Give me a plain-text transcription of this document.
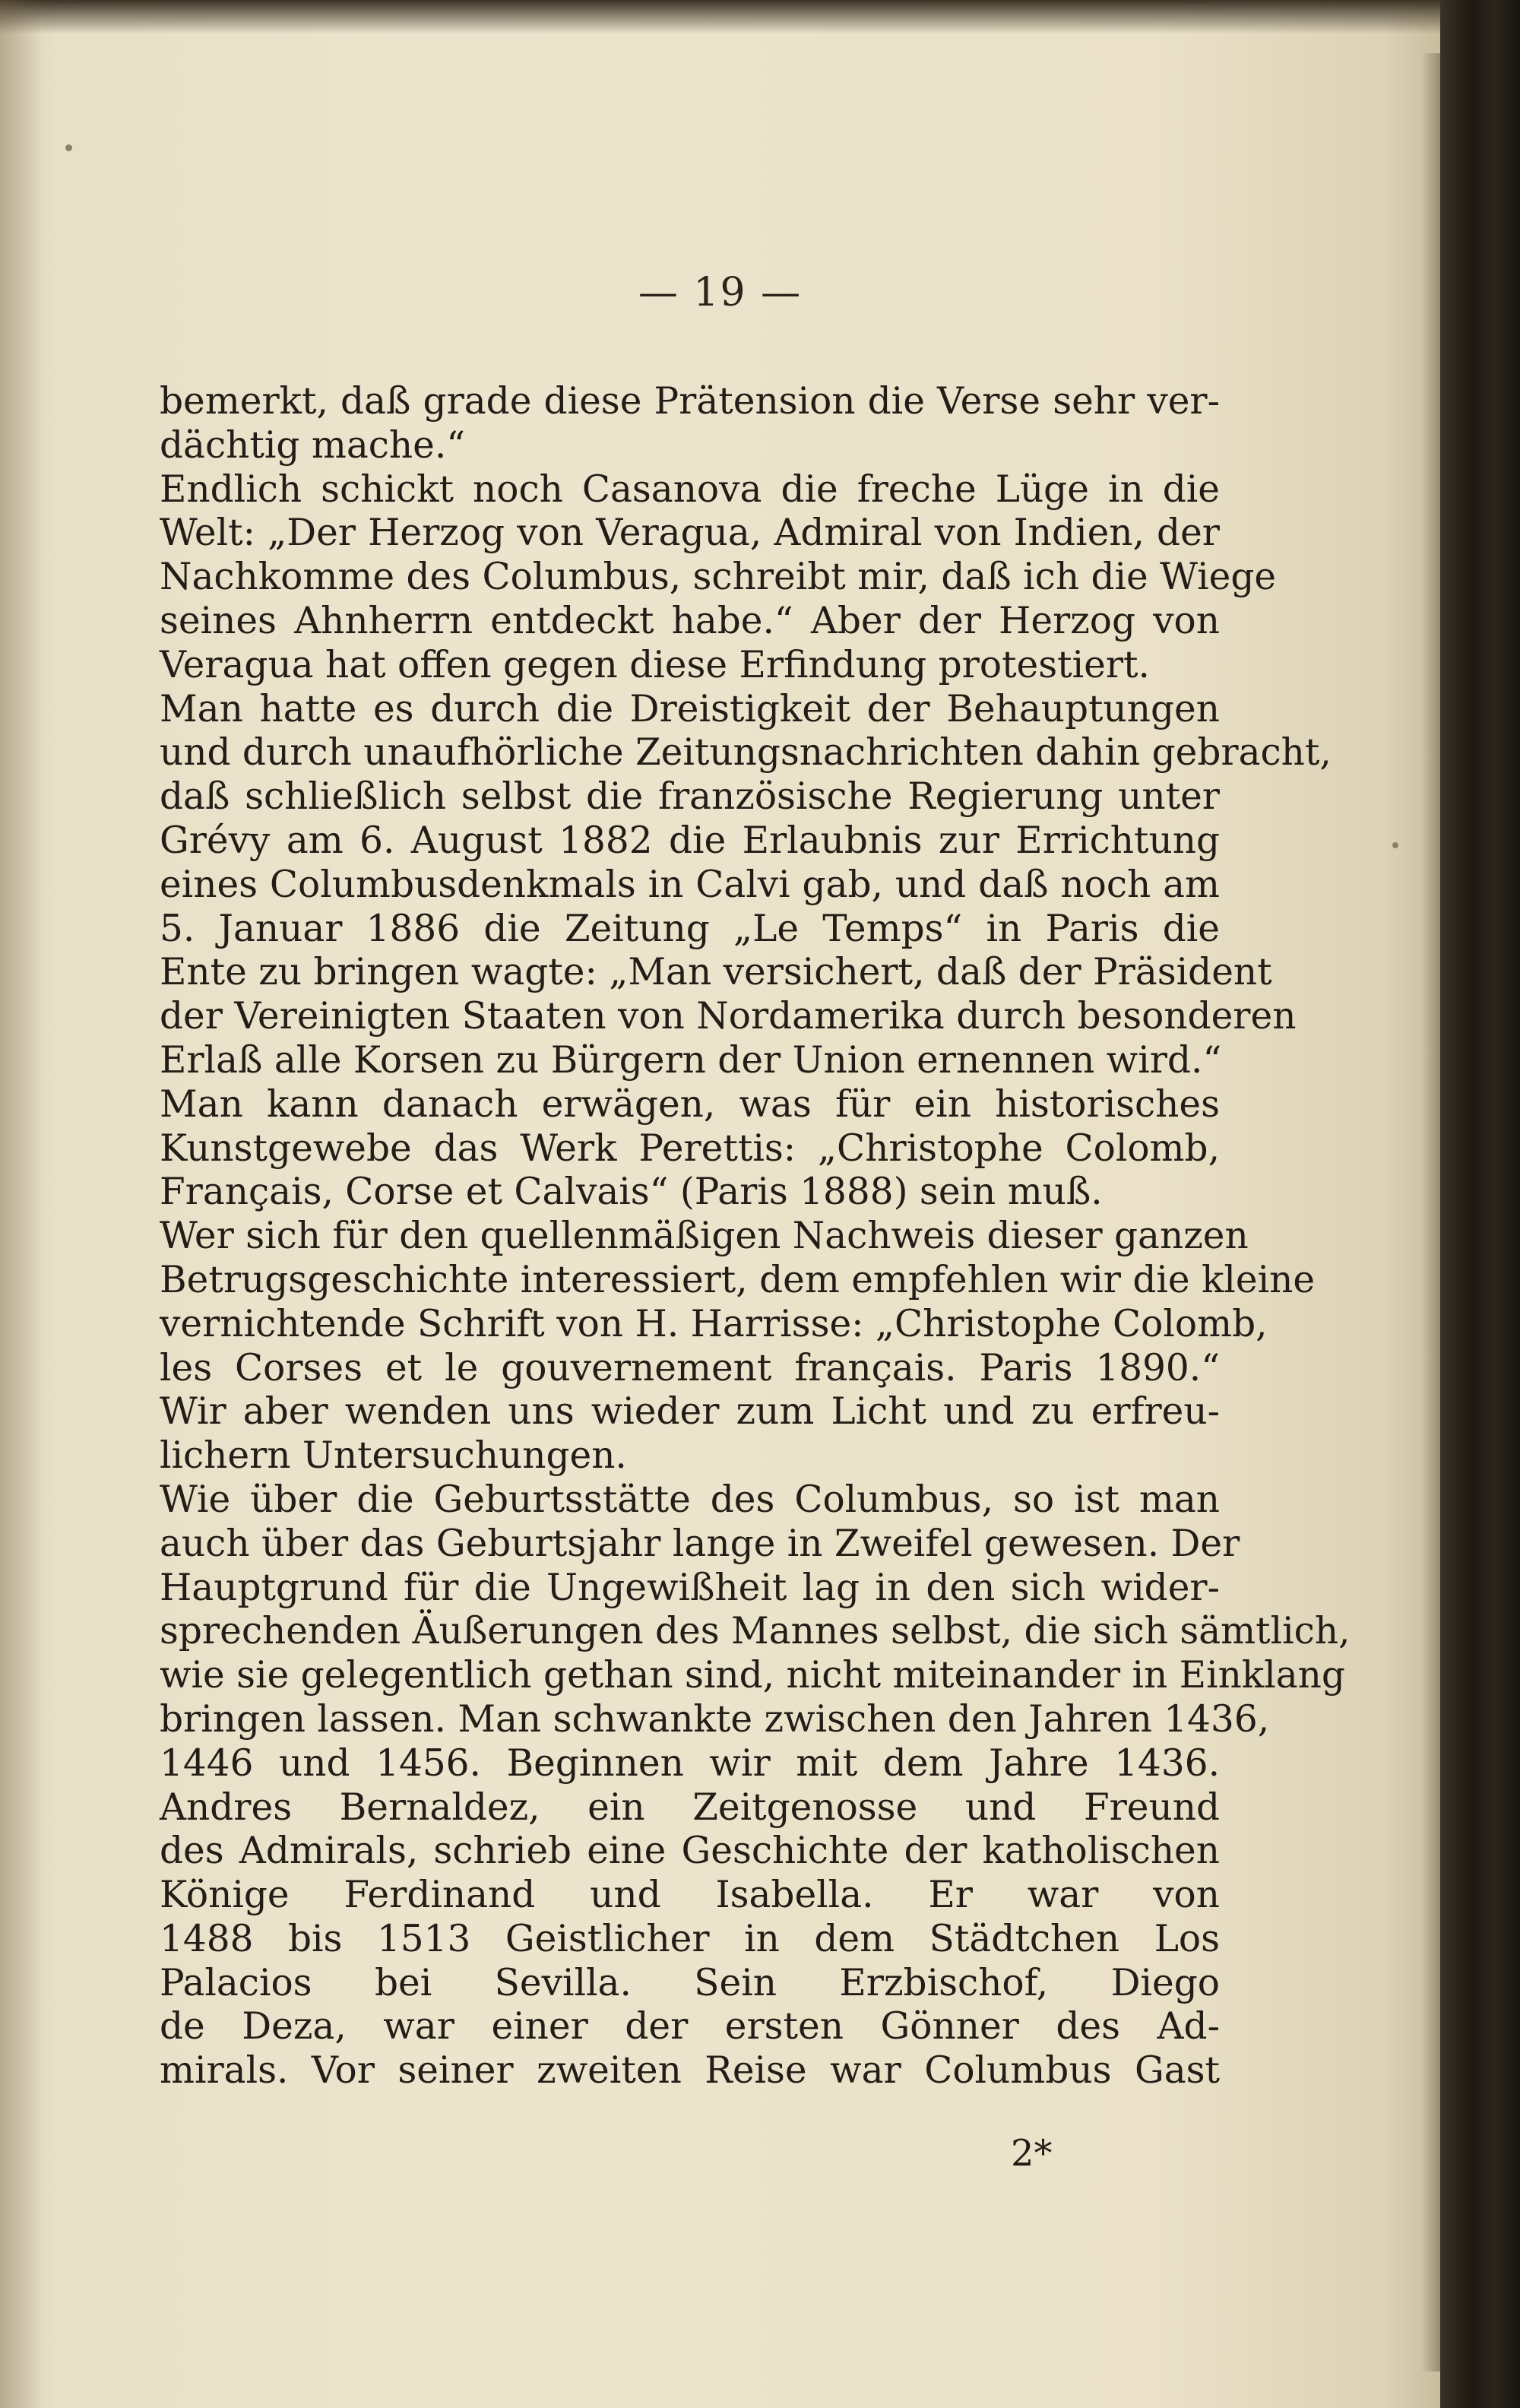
— 19 —
bemerkt, daß grade diese Prätension die Verse sehr ver-
dächtig mache.“
Endlich schickt noch Casanova die freche Lüge in die
Welt: „Der Herzog von Veragua, Admiral von Indien, der
Nachkomme des Columbus, schreibt mir, daß ich die Wiege
seines Ahnherrn entdeckt habe.“ Aber der Herzog von
Veragua hat offen gegen diese Erfindung protestiert.
Man hatte es durch die Dreistigkeit der Behauptungen
und durch unaufhörliche Zeitungsnachrichten dahin gebracht,
daß schließlich selbst die französische Regierung unter
Grévy am 6. August 1882 die Erlaubnis zur Errichtung
eines Columbusdenkmals in Calvi gab, und daß noch am
5. Januar 1886 die Zeitung „Le Temps“ in Paris die
Ente zu bringen wagte: „Man versichert, daß der Präsident
der Vereinigten Staaten von Nordamerika durch besonderen
Erlaß alle Korsen zu Bürgern der Union ernennen wird.“
Man kann danach erwägen, was für ein historisches
Kunstgewebe das Werk Perettis: „Christophe Colomb,
Français, Corse et Calvais“ (Paris 1888) sein muß.
Wer sich für den quellenmäßigen Nachweis dieser ganzen
Betrugsgeschichte interessiert, dem empfehlen wir die kleine
vernichtende Schrift von H. Harrisse: „Christophe Colomb,
les Corses et le gouvernement français. Paris 1890.“
Wir aber wenden uns wieder zum Licht und zu erfreu-
lichern Untersuchungen.
Wie über die Geburtsstätte des Columbus, so ist man
auch über das Geburtsjahr lange in Zweifel gewesen. Der
Hauptgrund für die Ungewißheit lag in den sich wider-
sprechenden Äußerungen des Mannes selbst, die sich sämtlich,
wie sie gelegentlich gethan sind, nicht miteinander in Einklang
bringen lassen. Man schwankte zwischen den Jahren 1436,
1446 und 1456. Beginnen wir mit dem Jahre 1436.
Andres Bernaldez, ein Zeitgenosse und Freund
des Admirals, schrieb eine Geschichte der katholischen
Könige Ferdinand und Isabella. Er war von
1488 bis 1513 Geistlicher in dem Städtchen Los
Palacios bei Sevilla. Sein Erzbischof, Diego
de Deza, war einer der ersten Gönner des Ad-
mirals. Vor seiner zweiten Reise war Columbus Gast
2*
